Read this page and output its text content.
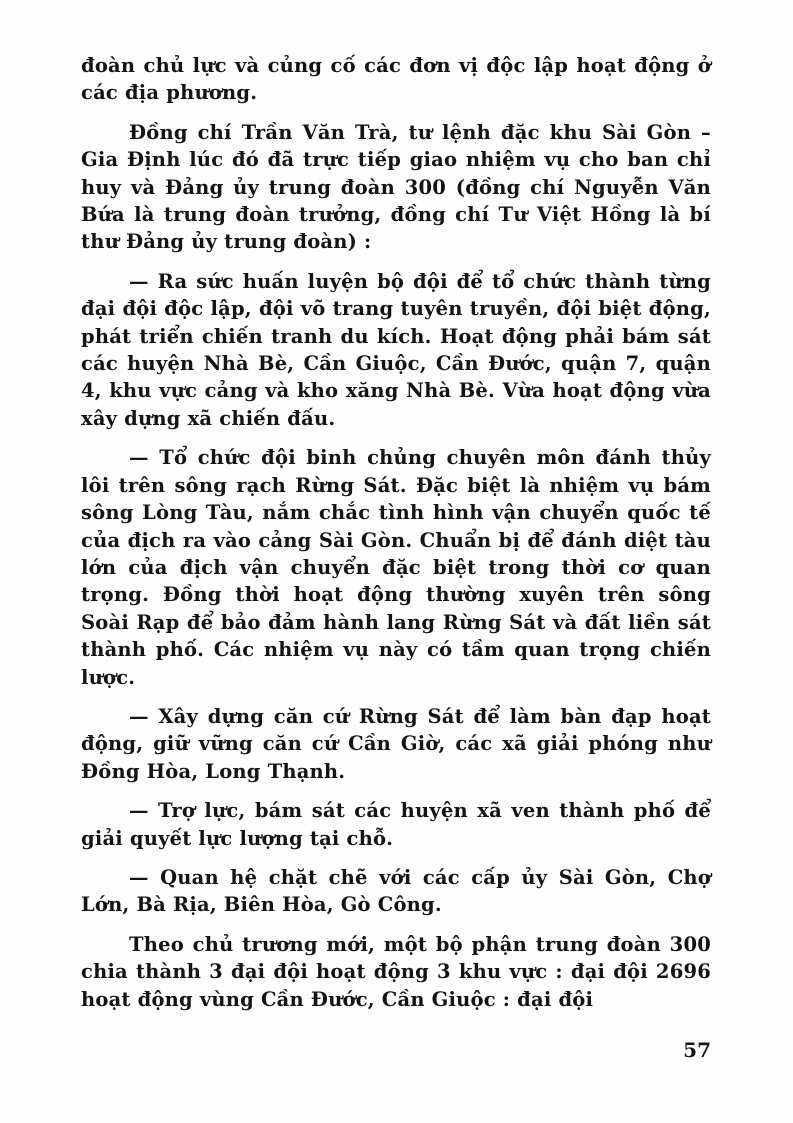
đoàn chủ lực và củng cố các đơn vị độc lập hoạt động ở các địa phương.

Đồng chí Trần Văn Trà, tư lệnh đặc khu Sài Gòn – Gia Định lúc đó đã trực tiếp giao nhiệm vụ cho ban chỉ huy và Đảng ủy trung đoàn 300 (đồng chí Nguyễn Văn Bứa là trung đoàn trưởng, đồng chí Tư Việt Hồng là bí thư Đảng ủy trung đoàn) :

— Ra sức huấn luyện bộ đội để tổ chức thành từng đại đội độc lập, đội võ trang tuyên truyền, đội biệt động, phát triển chiến tranh du kích. Hoạt động phải bám sát các huyện Nhà Bè, Cần Giuộc, Cần Đước, quận 7, quận 4, khu vực cảng và kho xăng Nhà Bè. Vừa hoạt động vừa xây dựng xã chiến đấu.

— Tổ chức đội binh chủng chuyên môn đánh thủy lôi trên sông rạch Rừng Sát. Đặc biệt là nhiệm vụ bám sông Lòng Tàu, nắm chắc tình hình vận chuyển quốc tế của địch ra vào cảng Sài Gòn. Chuẩn bị để đánh diệt tàu lớn của địch vận chuyển đặc biệt trong thời cơ quan trọng. Đồng thời hoạt động thường xuyên trên sông Soài Rạp để bảo đảm hành lang Rừng Sát và đất liền sát thành phố. Các nhiệm vụ này có tầm quan trọng chiến lược.

— Xây dựng căn cứ Rừng Sát để làm bàn đạp hoạt động, giữ vững căn cứ Cần Giờ, các xã giải phóng như Đồng Hòa, Long Thạnh.

— Trợ lực, bám sát các huyện xã ven thành phố để giải quyết lực lượng tại chỗ.

— Quan hệ chặt chẽ với các cấp ủy Sài Gòn, Chợ Lớn, Bà Rịa, Biên Hòa, Gò Công.

Theo chủ trương mới, một bộ phận trung đoàn 300 chia thành 3 đại đội hoạt động 3 khu vực : đại đội 2696 hoạt động vùng Cần Đước, Cần Giuộc : đại đội

57
